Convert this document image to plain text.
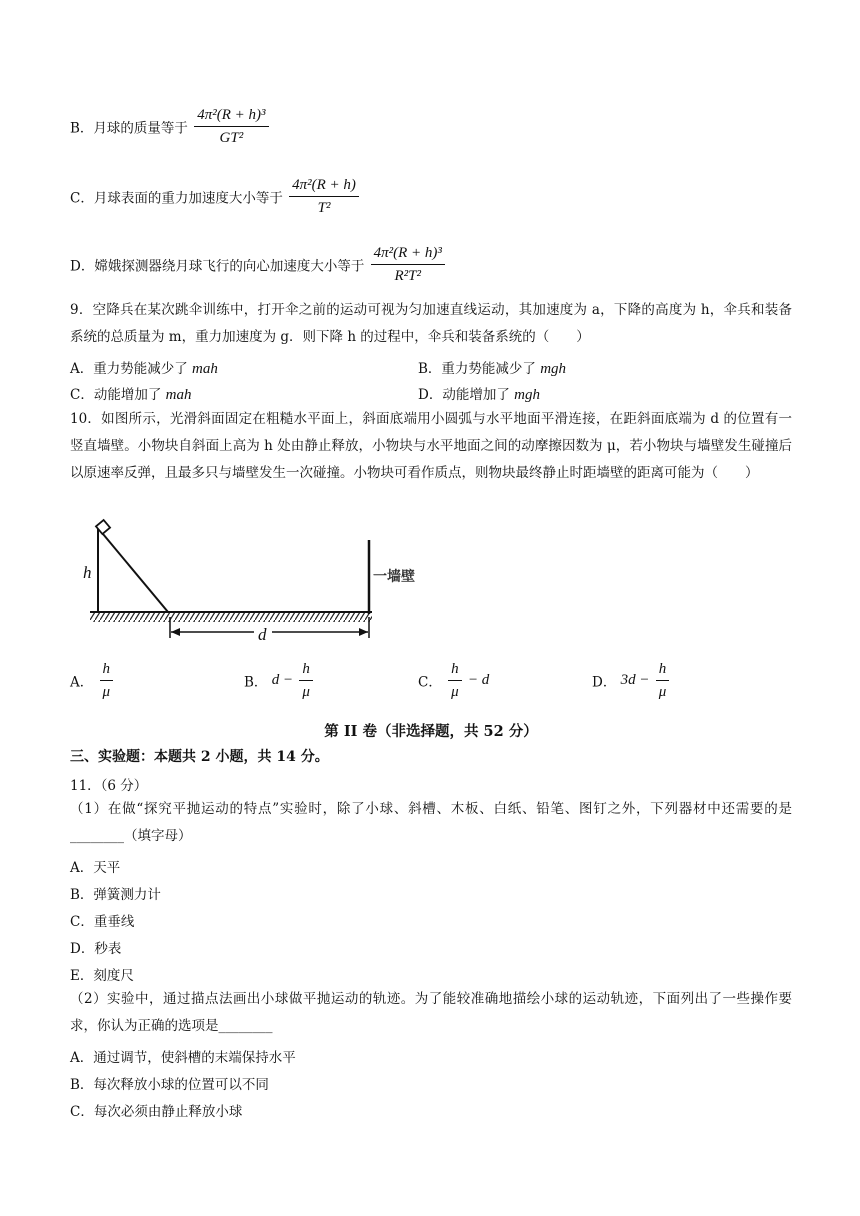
B．月球的质量等于 $\frac{\text{4π²(R + h)³}}{\text{GT²}}$
C．月球表面的重力加速度大小等于 $\frac{\text{4π²(R + h)}}{\text{T²}}$
D．嫦娥探测器绕月球飞行的向心加速度大小等于 $\frac{\text{4π²(R + h)³}}{\text{R²T²}}$
9．空降兵在某次跳伞训练中，打开伞之前的运动可视为匀加速直线运动，其加速度为 a，下降的高度为 h，伞兵和装备系统的总质量为 m，重力加速度为 g．则下降 h 的过程中，伞兵和装备系统的（　　）
A．重力势能减少了 mah	B．重力势能减少了 mgh
C．动能增加了 mah	D．动能增加了 mgh
10．如图所示，光滑斜面固定在粗糙水平面上，斜面底端用小圆弧与水平地面平滑连接，在距斜面底端为 d 的位置有一竖直墙壁。小物块自斜面上高为 h 处由静止释放，小物块与水平地面之间的动摩擦因数为 μ，若小物块与墙壁发生碰撞后以原速率反弹，且最多只与墙壁发生一次碰撞。小物块可看作质点，则物块最终静止时距墙壁的距离可能为（　　）
h
d
一墙壁
A． $\frac{h}{\mu}$	B． $d - \frac{h}{\mu}$	C． $\frac{h}{\mu} - d$	D． $3d - \frac{h}{\mu}$
第 II 卷（非选择题，共 52 分）
三、实验题：本题共 2 小题，共 14 分。
11．（6 分）
（1）在做“探究平抛运动的特点”实验时，除了小球、斜槽、木板、白纸、铅笔、图钉之外，下列器材中还需要的是________（填字母）
A．天平
B．弹簧测力计
C．重垂线
D．秒表
E．刻度尺
（2）实验中，通过描点法画出小球做平抛运动的轨迹。为了能较准确地描绘小球的运动轨迹，下面列出了一些操作要求，你认为正确的选项是________
A．通过调节，使斜槽的末端保持水平
B．每次释放小球的位置可以不同
C．每次必须由静止释放小球
